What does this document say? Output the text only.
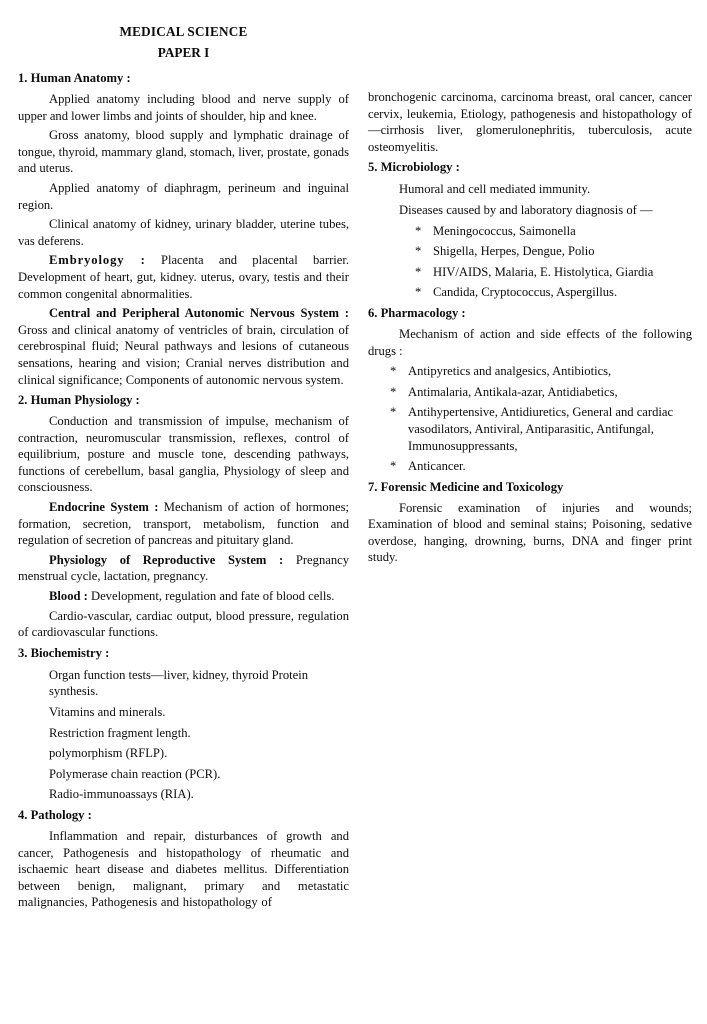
MEDICAL SCIENCE
PAPER I
1. Human Anatomy :

Applied anatomy including blood and nerve supply of upper and lower limbs and joints of shoulder, hip and knee.

Gross anatomy, blood supply and lymphatic drainage of tongue, thyroid, mammary gland, stomach, liver, prostate, gonads and uterus.

Applied anatomy of diaphragm, perineum and inguinal region.

Clinical anatomy of kidney, urinary bladder, uterine tubes, vas deferens.

Embryology : Placenta and placental barrier. Development of heart, gut, kidney. uterus, ovary, testis and their common congenital abnormalities.

Central and Peripheral Autonomic Nervous System : Gross and clinical anatomy of ventricles of brain, circulation of cerebrospinal fluid; Neural pathways and lesions of cutaneous sensations, hearing and vision; Cranial nerves distribution and clinical significance; Components of autonomic nervous system.

2. Human Physiology :

Conduction and transmission of impulse, mechanism of contraction, neuromuscular transmission, reflexes, control of equilibrium, posture and muscle tone, descending pathways, functions of cerebellum, basal ganglia, Physiology of sleep and consciousness.

Endocrine System : Mechanism of action of hormones; formation, secretion, transport, metabolism, function and regulation of secretion of pancreas and pituitary gland.

Physiology of Reproductive System : Pregnancy menstrual cycle, lactation, pregnancy.

Blood : Development, regulation and fate of blood cells.

Cardio-vascular, cardiac output, blood pressure, regulation of cardiovascular functions.

3. Biochemistry :
Organ function tests—liver, kidney, thyroid Protein synthesis.
Vitamins and minerals.
Restriction fragment length.
polymorphism (RFLP).
Polymerase chain reaction (PCR).
Radio-immunoassays (RIA).
4. Pathology :

Inflammation and repair, disturbances of growth and cancer, Pathogenesis and histopathology of rheumatic and ischaemic heart disease and diabetes mellitus. Differentiation between benign, malignant, primary and metastatic malignancies, Pathogenesis and histopathology of

bronchogenic carcinoma, carcinoma breast, oral cancer, cancer cervix, leukemia, Etiology, pathogenesis and histopathology of—cirrhosis liver, glomerulonephritis, tuberculosis, acute osteomyelitis.

5. Microbiology :
Humoral and cell mediated immunity.
Diseases caused by and laboratory diagnosis of —
* Meningococcus, Saimonella
* Shigella, Herpes, Dengue, Polio
* HIV/AIDS, Malaria, E. Histolytica, Giardia
* Candida, Cryptococcus, Aspergillus.
6. Pharmacology :

Mechanism of action and side effects of the following drugs :

* Antipyretics and analgesics, Antibiotics,
* Antimalaria, Antikala-azar, Antidiabetics,
* Antihypertensive, Antidiuretics, General and cardiac vasodilators, Antiviral, Antiparasitic, Antifungal, Immunosuppressants,
* Anticancer.
7. Forensic Medicine and Toxicology

Forensic examination of injuries and wounds; Examination of blood and seminal stains; Poisoning, sedative overdose, hanging, drowning, burns, DNA and finger print study.
